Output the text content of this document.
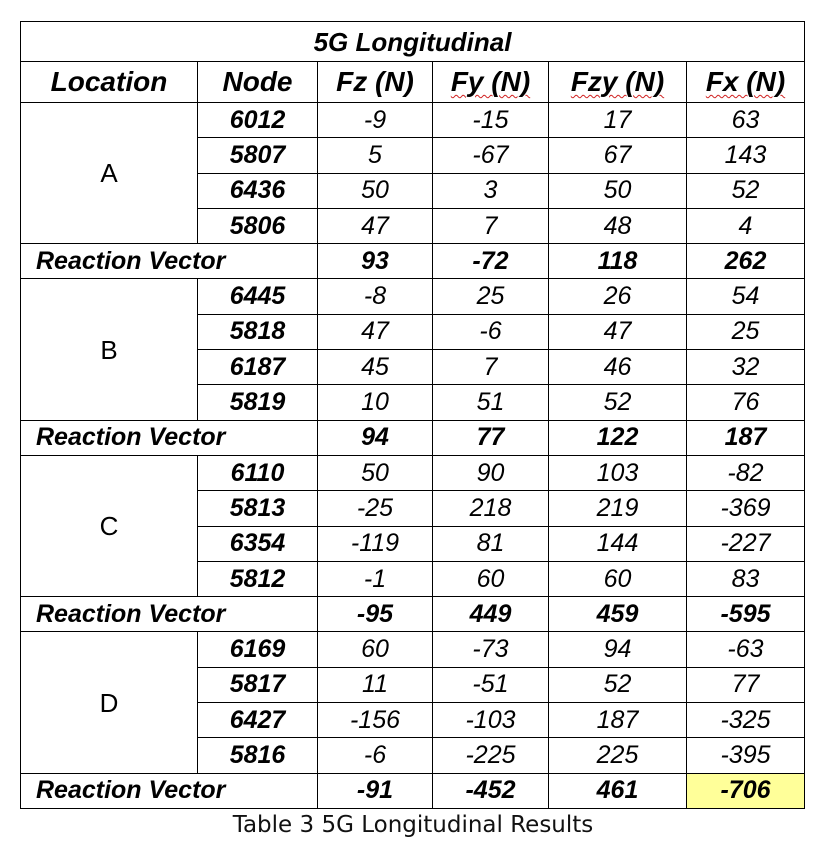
5G Longitudinal					
Location	Node	Fz (N)	Fy (N)	Fzy (N)	Fx (N)
A	6012	-9	-15	17	63
	5807	5	-67	67	143
	6436	50	3	50	52
	5806	47	7	48	4
Reaction Vector		93	-72	118	262
B	6445	-8	25	26	54
	5818	47	-6	47	25
	6187	45	7	46	32
	5819	10	51	52	76
Reaction Vector		94	77	122	187
C	6110	50	90	103	-82
	5813	-25	218	219	-369
	6354	-119	81	144	-227
	5812	-1	60	60	83
Reaction Vector		-95	449	459	-595
D	6169	60	-73	94	-63
	5817	11	-51	52	77
	6427	-156	-103	187	-325
	5816	-6	-225	225	-395
Reaction Vector		-91	-452	461	-706
Table 3 5G Longitudinal Results
